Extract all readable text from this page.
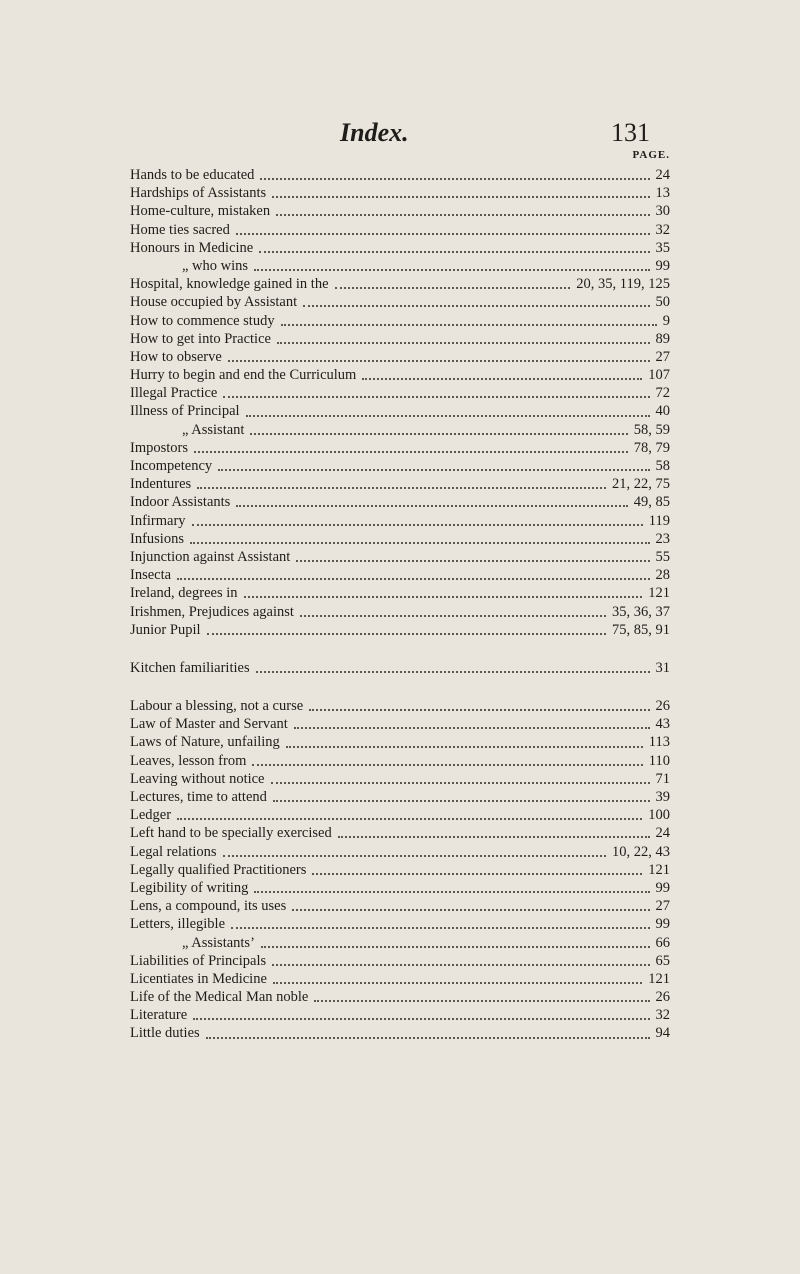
Index.	131
PAGE.
Hands to be educated	24
Hardships of Assistants	13
Home-culture, mistaken	30
Home ties sacred	32
Honours in Medicine	35
„ who wins	99
Hospital, knowledge gained in the	20, 35, 119, 125
House occupied by Assistant	50
How to commence study	9
How to get into Practice	89
How to observe	27
Hurry to begin and end the Curriculum	107
Illegal Practice	72
Illness of Principal	40
„ Assistant	58, 59
Impostors	78, 79
Incompetency	58
Indentures	21, 22, 75
Indoor Assistants	49, 85
Infirmary	119
Infusions	23
Injunction against Assistant	55
Insecta	28
Ireland, degrees in	121
Irishmen, Prejudices against	35, 36, 37
Junior Pupil	75, 85, 91
Kitchen familiarities	31
Labour a blessing, not a curse	26
Law of Master and Servant	43
Laws of Nature, unfailing	113
Leaves, lesson from	110
Leaving without notice	71
Lectures, time to attend	39
Ledger	100
Left hand to be specially exercised	24
Legal relations	10, 22, 43
Legally qualified Practitioners	121
Legibility of writing	99
Lens, a compound, its uses	27
Letters, illegible	99
„ Assistants’	66
Liabilities of Principals	65
Licentiates in Medicine	121
Life of the Medical Man noble	26
Literature	32
Little duties	94
